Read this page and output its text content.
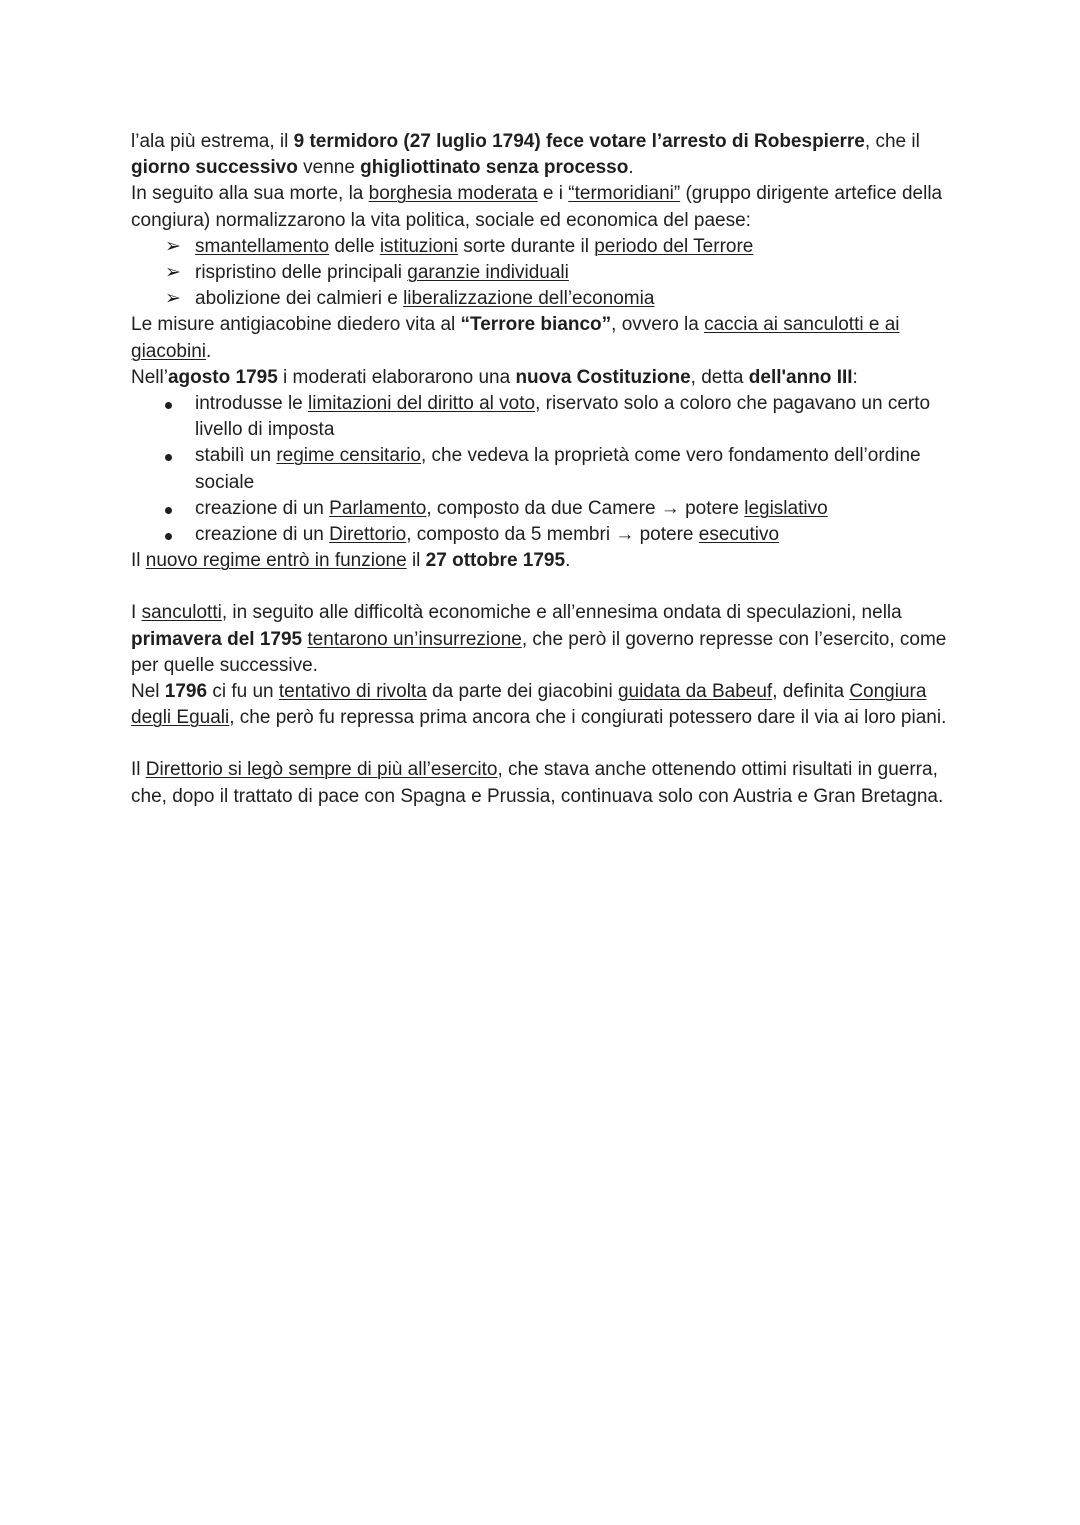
l’ala più estrema, il 9 termidoro (27 luglio 1794) fece votare l’arresto di Robespierre, che il giorno successivo venne ghigliottinato senza processo.

In seguito alla sua morte, la borghesia moderata e i “termoridiani” (gruppo dirigente artefice della congiura) normalizzarono la vita politica, sociale ed economica del paese:

➢ smantellamento delle istituzioni sorte durante il periodo del Terrore
➢ rispristino delle principali garanzie individuali
➢ abolizione dei calmieri e liberalizzazione dell’economia

Le misure antigiacobine diedero vita al “Terrore bianco”, ovvero la caccia ai sanculotti e ai giacobini.

Nell’agosto 1795 i moderati elaborarono una nuova Costituzione, detta dell'anno III:

introdusse le limitazioni del diritto al voto, riservato solo a coloro che pagavano un certo livello di imposta
stabilì un regime censitario, che vedeva la proprietà come vero fondamento dell’ordine sociale
creazione di un Parlamento, composto da due Camere → potere legislativo
creazione di un Direttorio, composto da 5 membri → potere esecutivo

Il nuovo regime entrò in funzione il 27 ottobre 1795.

I sanculotti, in seguito alle difficoltà economiche e all’ennesima ondata di speculazioni, nella primavera del 1795 tentarono un’insurrezione, che però il governo represse con l’esercito, come per quelle successive.

Nel 1796 ci fu un tentativo di rivolta da parte dei giacobini guidata da Babeuf, definita Congiura degli Eguali, che però fu repressa prima ancora che i congiurati potessero dare il via ai loro piani.

Il Direttorio si legò sempre di più all’esercito, che stava anche ottenendo ottimi risultati in guerra, che, dopo il trattato di pace con Spagna e Prussia, continuava solo con Austria e Gran Bretagna.
